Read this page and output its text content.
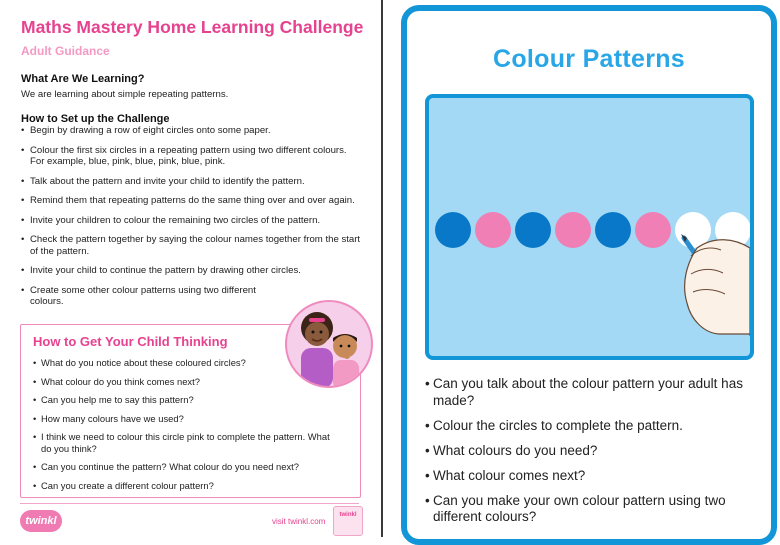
Maths Mastery Home Learning Challenge
Adult Guidance
What Are We Learning?
We are learning about simple repeating patterns.
How to Set up the Challenge
• Begin by drawing a row of eight circles onto some paper.
• Colour the first six circles in a repeating pattern using two different colours. For example, blue, pink, blue, pink, blue, pink.
• Talk about the pattern and invite your child to identify the pattern.
• Remind them that repeating patterns do the same thing over and over again.
• Invite your children to colour the remaining two circles of the pattern.
• Check the pattern together by saying the colour names together from the start of the pattern.
• Invite your child to continue the pattern by drawing other circles.
• Create some other colour patterns using two different colours.
How to Get Your Child Thinking
• What do you notice about these coloured circles?
• What colour do you think comes next?
• Can you help me to say this pattern?
• How many colours have we used?
• I think we need to colour this circle pink to complete the pattern. What do you think?
• Can you continue the pattern? What colour do you need next?
• Can you create a different colour pattern?
twinkl	visit twinkl.com
twinkl
Colour Patterns
• Can you talk about the colour pattern your adult has made?
• Colour the circles to complete the pattern.
• What colours do you need?
• What colour comes next?
• Can you make your own colour pattern using two different colours?
